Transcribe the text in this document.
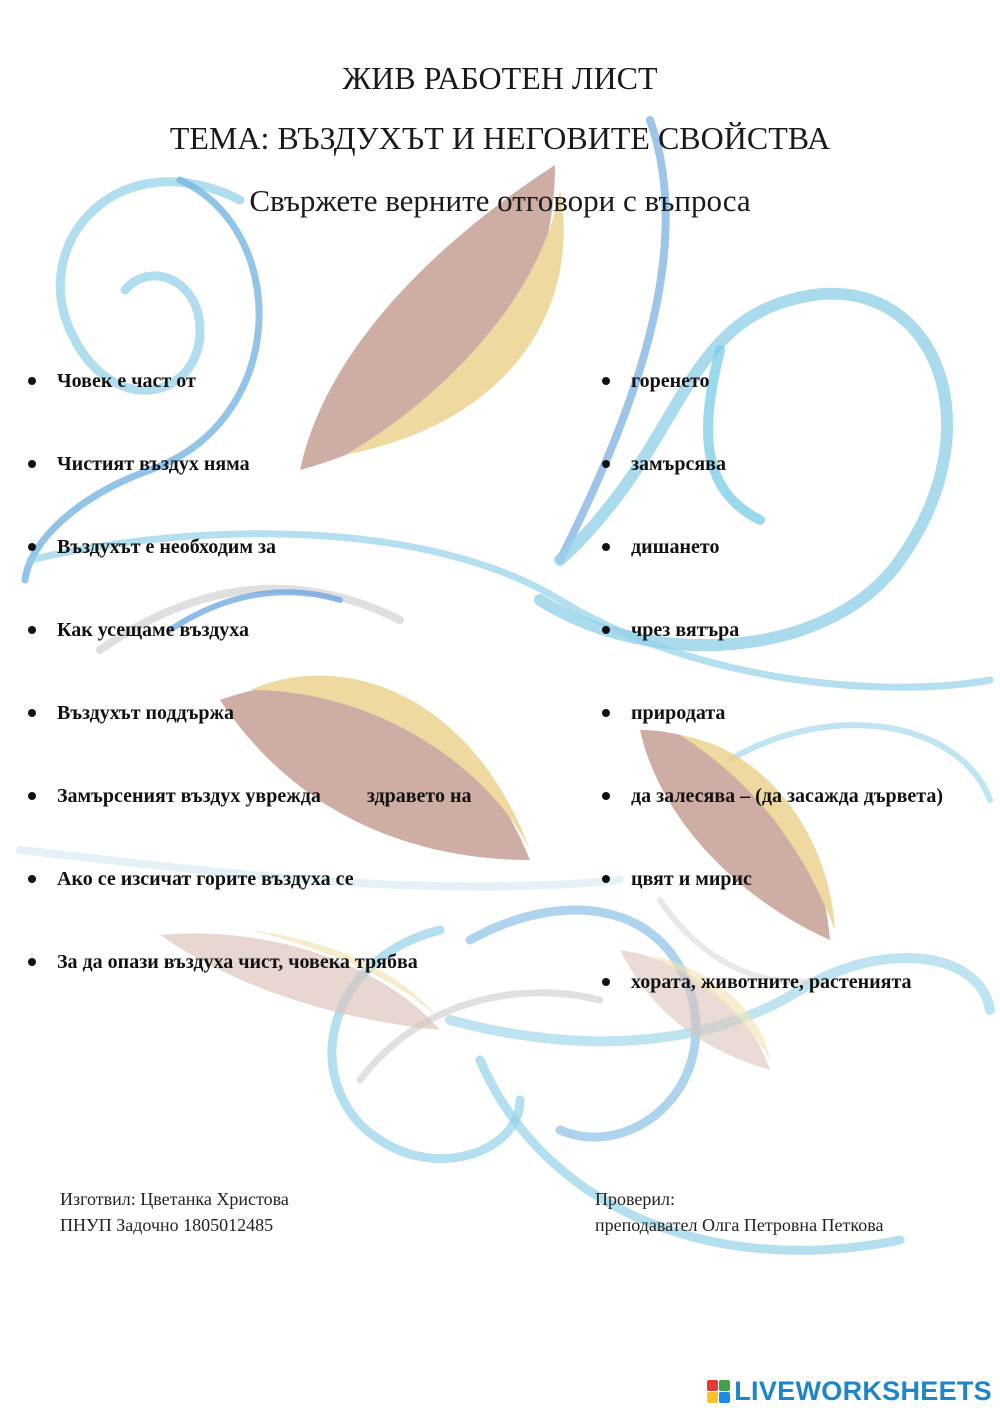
ЖИВ РАБОТЕН ЛИСТ
ТЕМА: ВЪЗДУХЪТ И НЕГОВИТЕ СВОЙСТВА
Свържете верните отговори с въпроса
Човек е част от
Чистият въздух няма
Въздухът е необходим за
Как усещаме въздуха
Въздухът поддържа
Замърсеният въздух уврежда здравето на
Ако се изсичат горите въздуха се
За да опази въздуха чист, човека трябва
горенето
замърсява
дишането
чрез вятъра
природата
да залесява – (да засажда дървета)
цвят и мирис
хората, животните, растенията
Изготвил: Цветанка Христова
ПНУП Задочно 1805012485
Проверил:
преподавател Олга Петровна Петкова
LIVEWORKSHEETS
